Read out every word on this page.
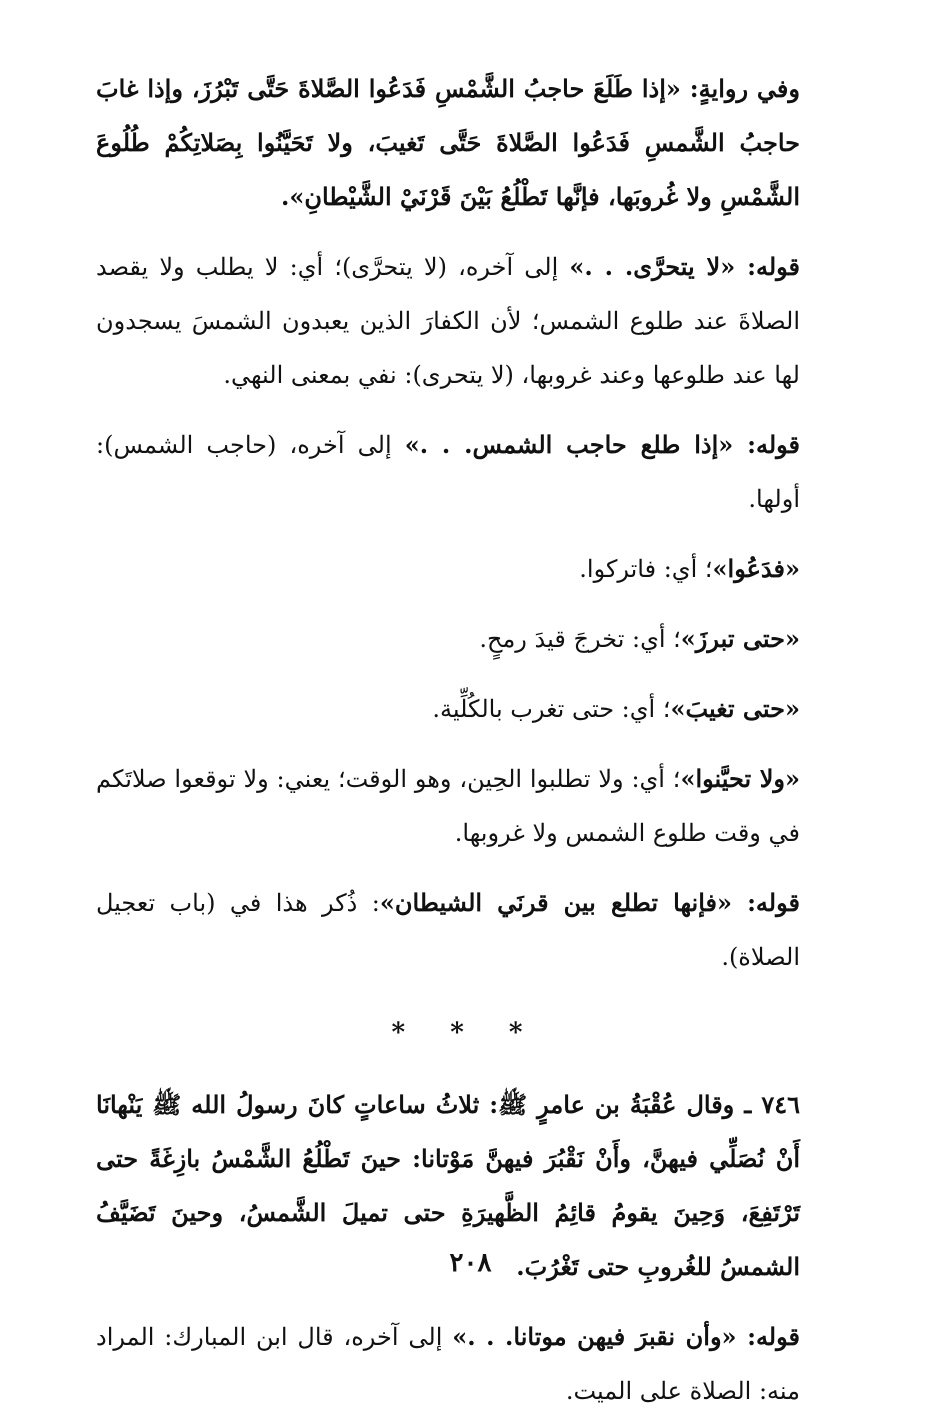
وفي روايةٍ: «إذا طَلَعَ حاجبُ الشَّمْسِ فَدَعُوا الصَّلاةَ حَتَّى تَبْرُزَ، وإذا غابَ حاجبُ الشَّمسِ فَدَعُوا الصَّلاةَ حَتَّى تَغيبَ، ولا تَحَيَّنُوا بِصَلاتِكُمْ طُلُوعَ الشَّمْسِ ولا غُروبَها، فإنَّها تَطْلُعُ بَيْنَ قَرْنَيْ الشَّيْطانِ».

قوله: «لا يتحرَّى. . .» إلى آخره، (لا يتحرَّى)؛ أي: لا يطلب ولا يقصد الصلاةَ عند طلوع الشمس؛ لأن الكفارَ الذين يعبدون الشمسَ يسجدون لها عند طلوعها وعند غروبها، (لا يتحرى): نفي بمعنى النهي.

قوله: «إذا طلع حاجب الشمس. . .» إلى آخره، (حاجب الشمس): أولها.

«فدَعُوا»؛ أي: فاتركوا.

«حتى تبرزَ»؛ أي: تخرجَ قيدَ رمحٍ.

«حتى تغيبَ»؛ أي: حتى تغرب بالكُلِّية.

«ولا تحيَّنوا»؛ أي: ولا تطلبوا الحِين، وهو الوقت؛ يعني: ولا توقعوا صلاتَكم في وقت طلوع الشمس ولا غروبها.

قوله: «فإنها تطلع بين قرنَي الشيطان»: ذُكر هذا في (باب تعجيل الصلاة).

* * *

٧٤٦ ـ وقال عُقْبَةُ بن عامرٍ ﷺ: ثلاثُ ساعاتٍ كانَ رسولُ الله ﷺ يَنْهانَا أَنْ نُصَلِّي فيهنَّ، وأَنْ نَقْبُرَ فيهنَّ مَوْتانا: حينَ تَطْلُعُ الشَّمْسُ بازِغَةً حتى تَرْتَفِعَ، وَحِينَ يقومُ قائِمُ الظَّهيرَةِ حتى تميلَ الشَّمسُ، وحينَ تَضَيَّفُ الشمسُ للغُروبِ حتى تَغْرُبَ.

قوله: «وأن نقبرَ فيهن موتانا. . .» إلى آخره، قال ابن المبارك: المراد منه: الصلاة على الميت.

٢٠٨
